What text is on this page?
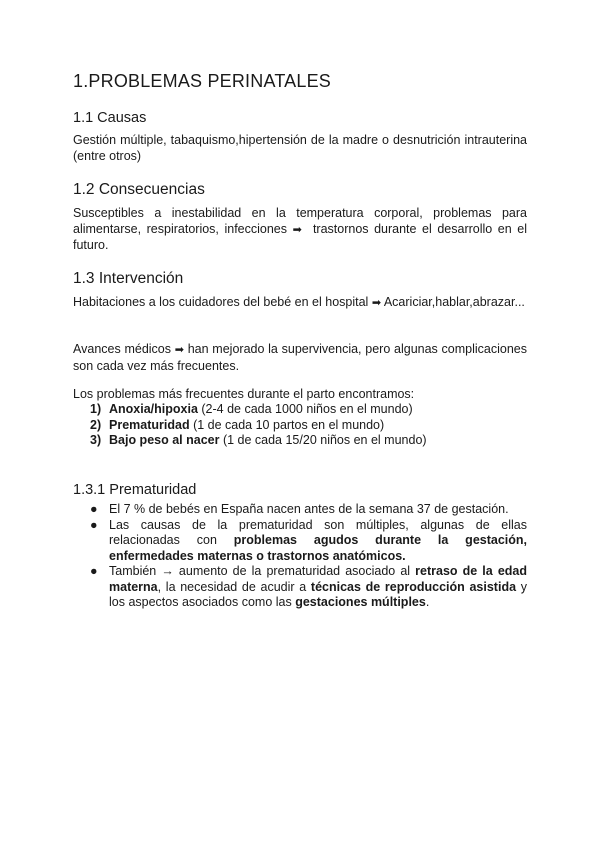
1.PROBLEMAS PERINATALES
1.1 Causas

Gestión múltiple, tabaquismo,hipertensión de la madre o desnutrición intrauterina (entre otros)

1.2 Consecuencias

Susceptibles a inestabilidad en la temperatura corporal, problemas para alimentarse, respiratorios, infecciones ➡ trastornos durante el desarrollo en el futuro.

1.3 Intervención

Habitaciones a los cuidadores del bebé en el hospital ➡ Acariciar,hablar,abrazar...

Avances médicos ➡ han mejorado la supervivencia, pero algunas complicaciones son cada vez más frecuentes.

Los problemas más frecuentes durante el parto encontramos:

1) Anoxia/hipoxia (2-4 de cada 1000 niños en el mundo)
2) Prematuridad (1 de cada 10 partos en el mundo)
3) Bajo peso al nacer (1 de cada 15/20 niños en el mundo)
1.3.1 Prematuridad
● El 7 % de bebés en España nacen antes de la semana 37 de gestación.
● Las causas de la prematuridad son múltiples, algunas de ellas relacionadas con problemas agudos durante la gestación, enfermedades maternas o trastornos anatómicos.
● También → aumento de la prematuridad asociado al retraso de la edad materna, la necesidad de acudir a técnicas de reproducción asistida y los aspectos asociados como las gestaciones múltiples.
